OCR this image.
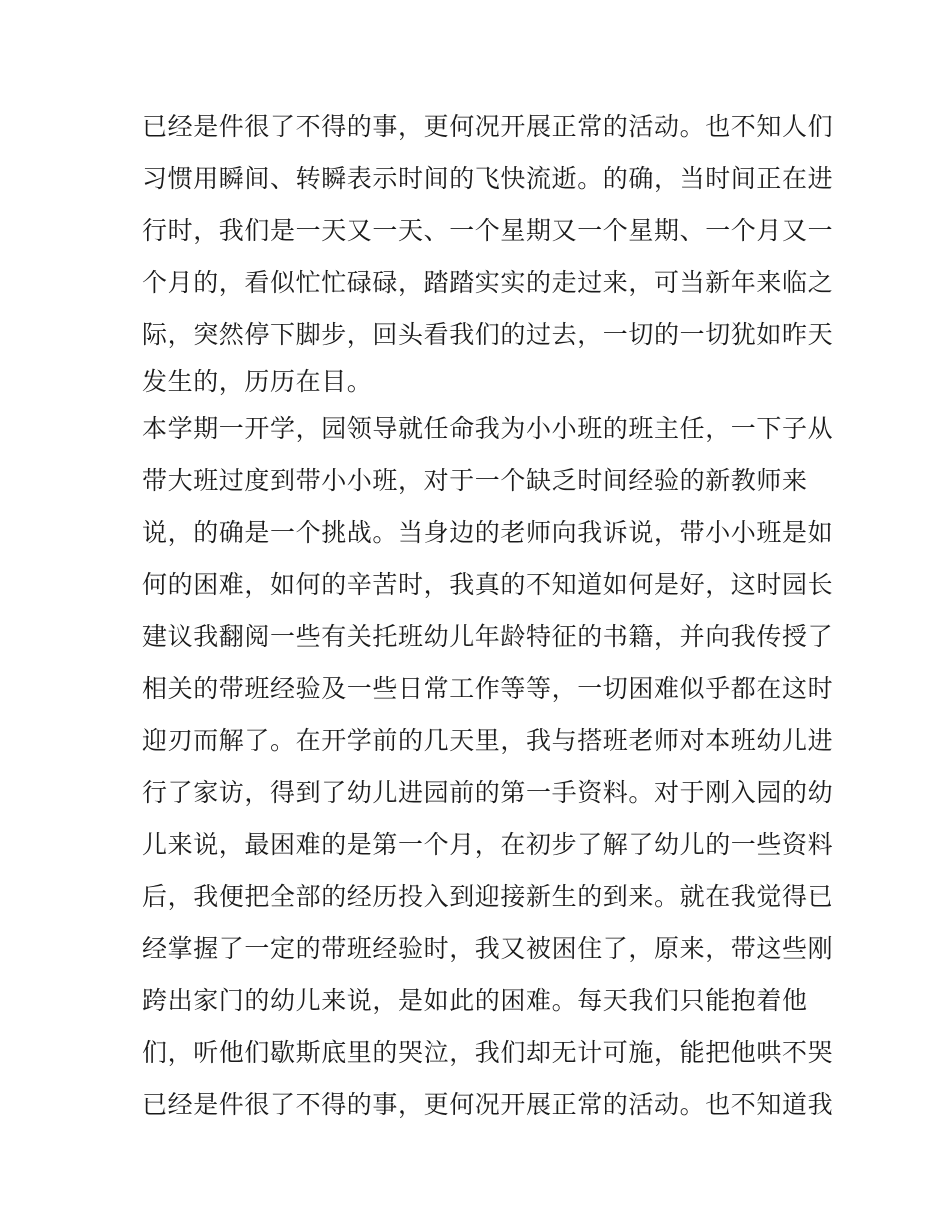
已经是件很了不得的事，更何况开展正常的活动。也不知人们
习惯用瞬间、转瞬表示时间的飞快流逝。的确，当时间正在进
行时，我们是一天又一天、一个星期又一个星期、一个月又一
个月的，看似忙忙碌碌，踏踏实实的走过来，可当新年来临之
际，突然停下脚步，回头看我们的过去，一切的一切犹如昨天
发生的，历历在目。
本学期一开学，园领导就任命我为小小班的班主任，一下子从
带大班过度到带小小班，对于一个缺乏时间经验的新教师来
说，的确是一个挑战。当身边的老师向我诉说，带小小班是如
何的困难，如何的辛苦时，我真的不知道如何是好，这时园长
建议我翻阅一些有关托班幼儿年龄特征的书籍，并向我传授了
相关的带班经验及一些日常工作等等，一切困难似乎都在这时
迎刃而解了。在开学前的几天里，我与搭班老师对本班幼儿进
行了家访，得到了幼儿进园前的第一手资料。对于刚入园的幼
儿来说，最困难的是第一个月，在初步了解了幼儿的一些资料
后，我便把全部的经历投入到迎接新生的到来。就在我觉得已
经掌握了一定的带班经验时，我又被困住了，原来，带这些刚
跨出家门的幼儿来说，是如此的困难。每天我们只能抱着他
们，听他们歇斯底里的哭泣，我们却无计可施，能把他哄不哭
已经是件很了不得的事，更何况开展正常的活动。也不知道我
